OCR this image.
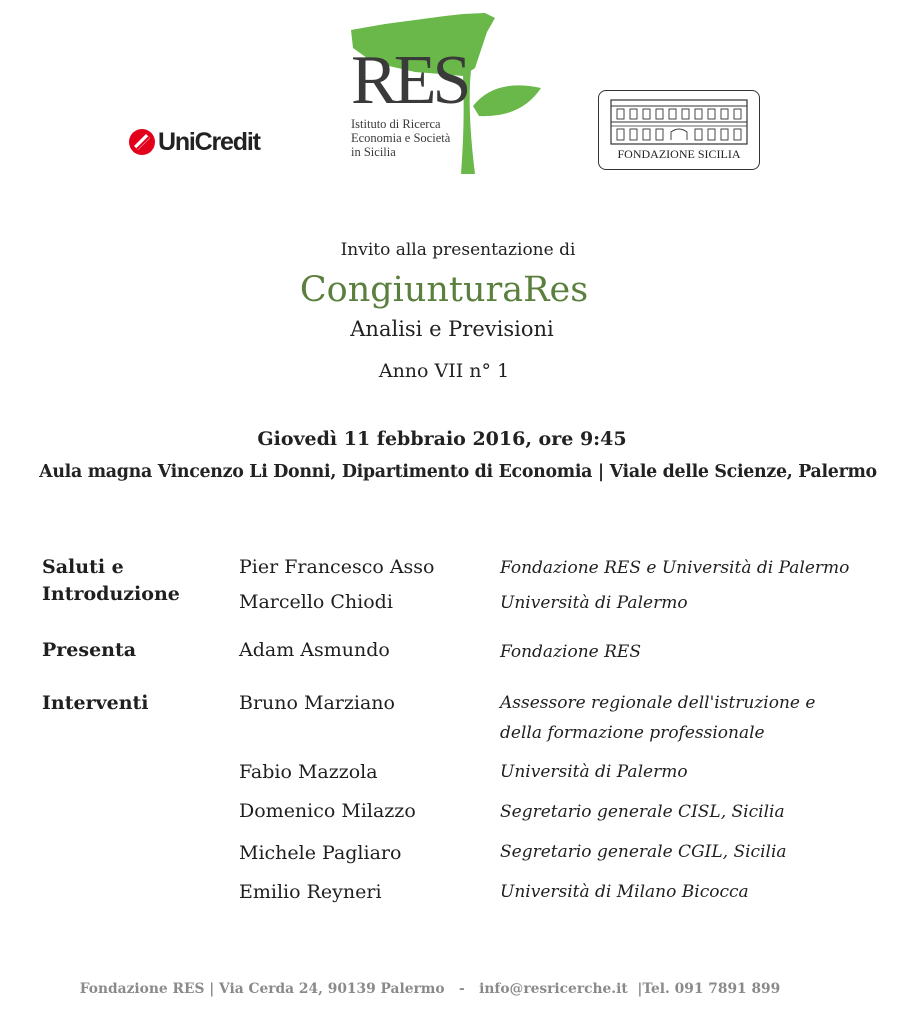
UniCredit
RES
Istituto di Ricerca
Economia e Società
in Sicilia	FONDAZIONE SICILIA
Invito alla presentazione di
CongiunturaRes
Analisi e Previsioni
Anno VII n° 1
Giovedì 11 febbraio 2016, ore 9:45
Aula magna Vincenzo Li Donni, Dipartimento di Economia | Viale delle Scienze, Palermo
Saluti e
Introduzione
Pier Francesco Asso	Fondazione RES e Università di Palermo
Marcello Chiodi	Università di Palermo
Presenta	Adam Asmundo	Fondazione RES
Interventi	Bruno Marziano	Assessore regionale dell'istruzione e
della formazione professionale
Fabio Mazzola	Università di Palermo
Domenico Milazzo	Segretario generale CISL, Sicilia
Michele Pagliaro	Segretario generale CGIL, Sicilia
Emilio Reyneri	Università di Milano Bicocca
Fondazione RES | Via Cerda 24, 90139 Palermo   -   info@resricerche.it  |Tel. 091 7891 899
